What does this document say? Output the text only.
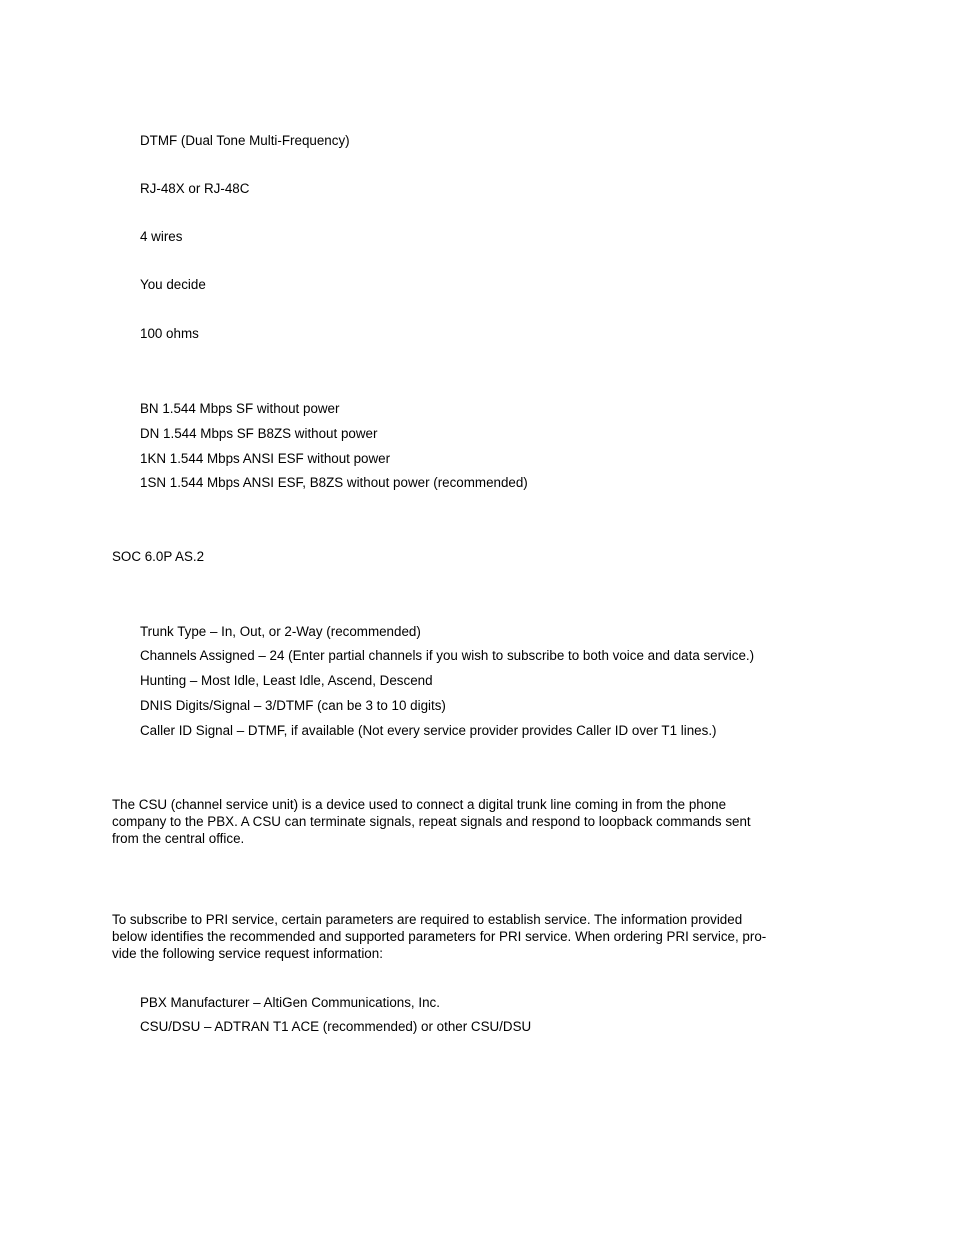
DTMF (Dual Tone Multi-Frequency)
RJ-48X or RJ-48C
4 wires
You decide
100 ohms
BN 1.544 Mbps SF without power
DN 1.544 Mbps SF B8ZS without power
1KN 1.544 Mbps ANSI ESF without power
1SN 1.544 Mbps ANSI ESF, B8ZS without power (recommended)
SOC 6.0P AS.2
Trunk Type – In, Out, or 2-Way (recommended)
Channels Assigned – 24 (Enter partial channels if you wish to subscribe to both voice and data service.)
Hunting – Most Idle, Least Idle, Ascend, Descend
DNIS Digits/Signal – 3/DTMF (can be 3 to 10 digits)
Caller ID Signal – DTMF, if available (Not every service provider provides Caller ID over T1 lines.)
The CSU (channel service unit) is a device used to connect a digital trunk line coming in from the phone
company to the PBX. A CSU can terminate signals, repeat signals and respond to loopback commands sent
from the central office.
To subscribe to PRI service, certain parameters are required to establish service. The information provided
below identifies the recommended and supported parameters for PRI service. When ordering PRI service, pro-
vide the following service request information:
PBX Manufacturer – AltiGen Communications, Inc.
CSU/DSU – ADTRAN T1 ACE (recommended) or other CSU/DSU
